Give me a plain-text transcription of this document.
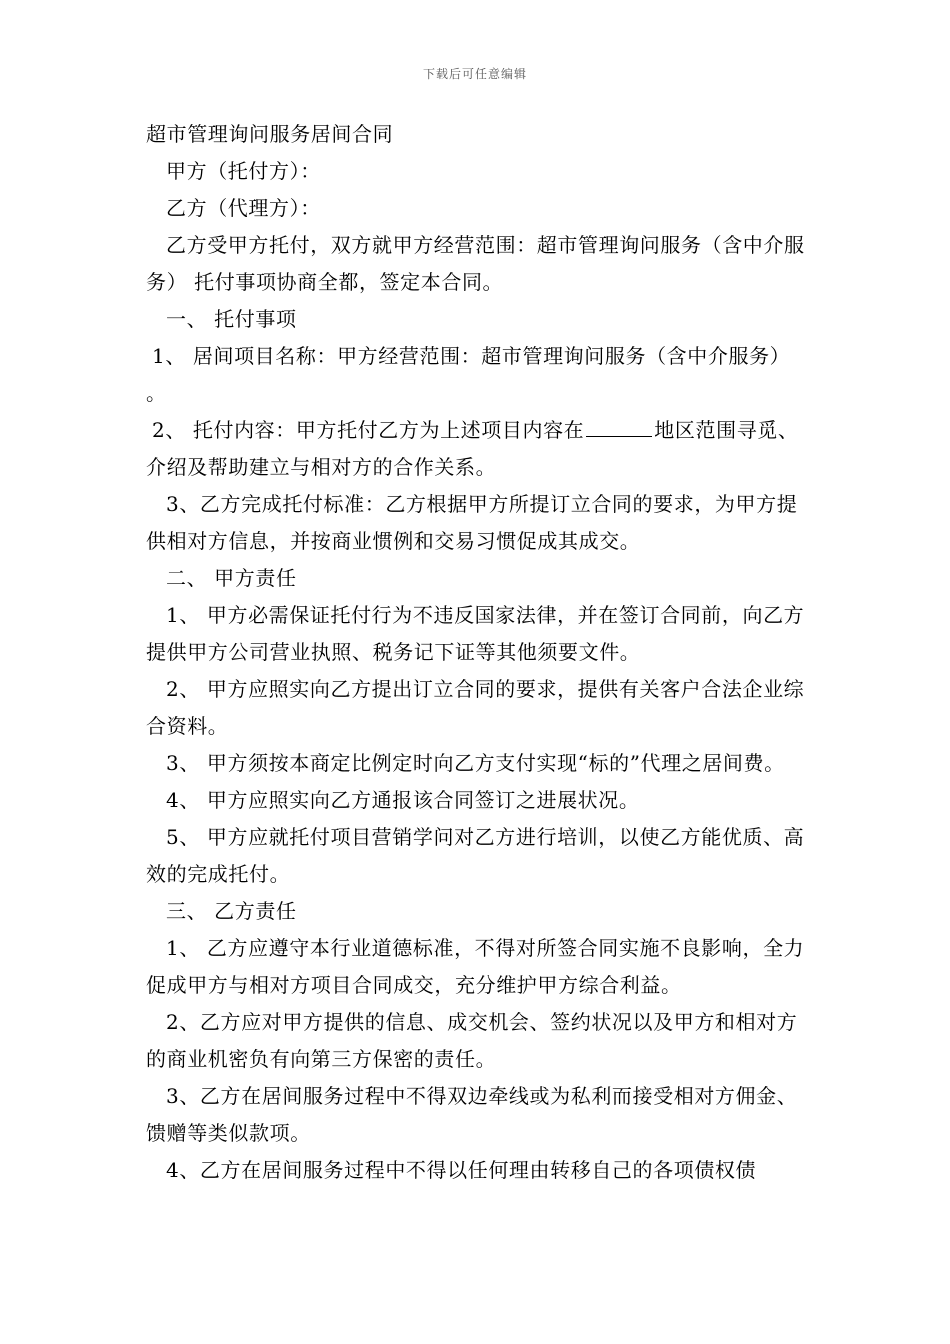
下载后可任意编辑

超市管理询问服务居间合同

甲方（托付方）：

乙方（代理方）：

乙方受甲方托付，双方就甲方经营范围：超市管理询问服务（含中介服务） 托付事项协商全都，签定本合同。

一、 托付事项

1、 居间项目名称：甲方经营范围：超市管理询问服务（含中介服务） 。

2、 托付内容：甲方托付乙方为上述项目内容在	地区范围寻觅、介绍及帮助建立与相对方的合作关系。

3、乙方完成托付标准：乙方根据甲方所提订立合同的要求，为甲方提供相对方信息，并按商业惯例和交易习惯促成其成交。

二、 甲方责任

1、 甲方必需保证托付行为不违反国家法律，并在签订合同前，向乙方提供甲方公司营业执照、税务记下证等其他须要文件。

2、 甲方应照实向乙方提出订立合同的要求，提供有关客户合法企业综合资料。

3、 甲方须按本商定比例定时向乙方支付实现“标的”代理之居间费。

4、 甲方应照实向乙方通报该合同签订之进展状况。

5、 甲方应就托付项目营销学问对乙方进行培训，以使乙方能优质、高效的完成托付。

三、 乙方责任

1、 乙方应遵守本行业道德标准，不得对所签合同实施不良影响，全力促成甲方与相对方项目合同成交，充分维护甲方综合利益。

2、乙方应对甲方提供的信息、成交机会、签约状况以及甲方和相对方的商业机密负有向第三方保密的责任。

3、乙方在居间服务过程中不得双边牵线或为私利而接受相对方佣金、馈赠等类似款项。

4、乙方在居间服务过程中不得以任何理由转移自己的各项债权债
